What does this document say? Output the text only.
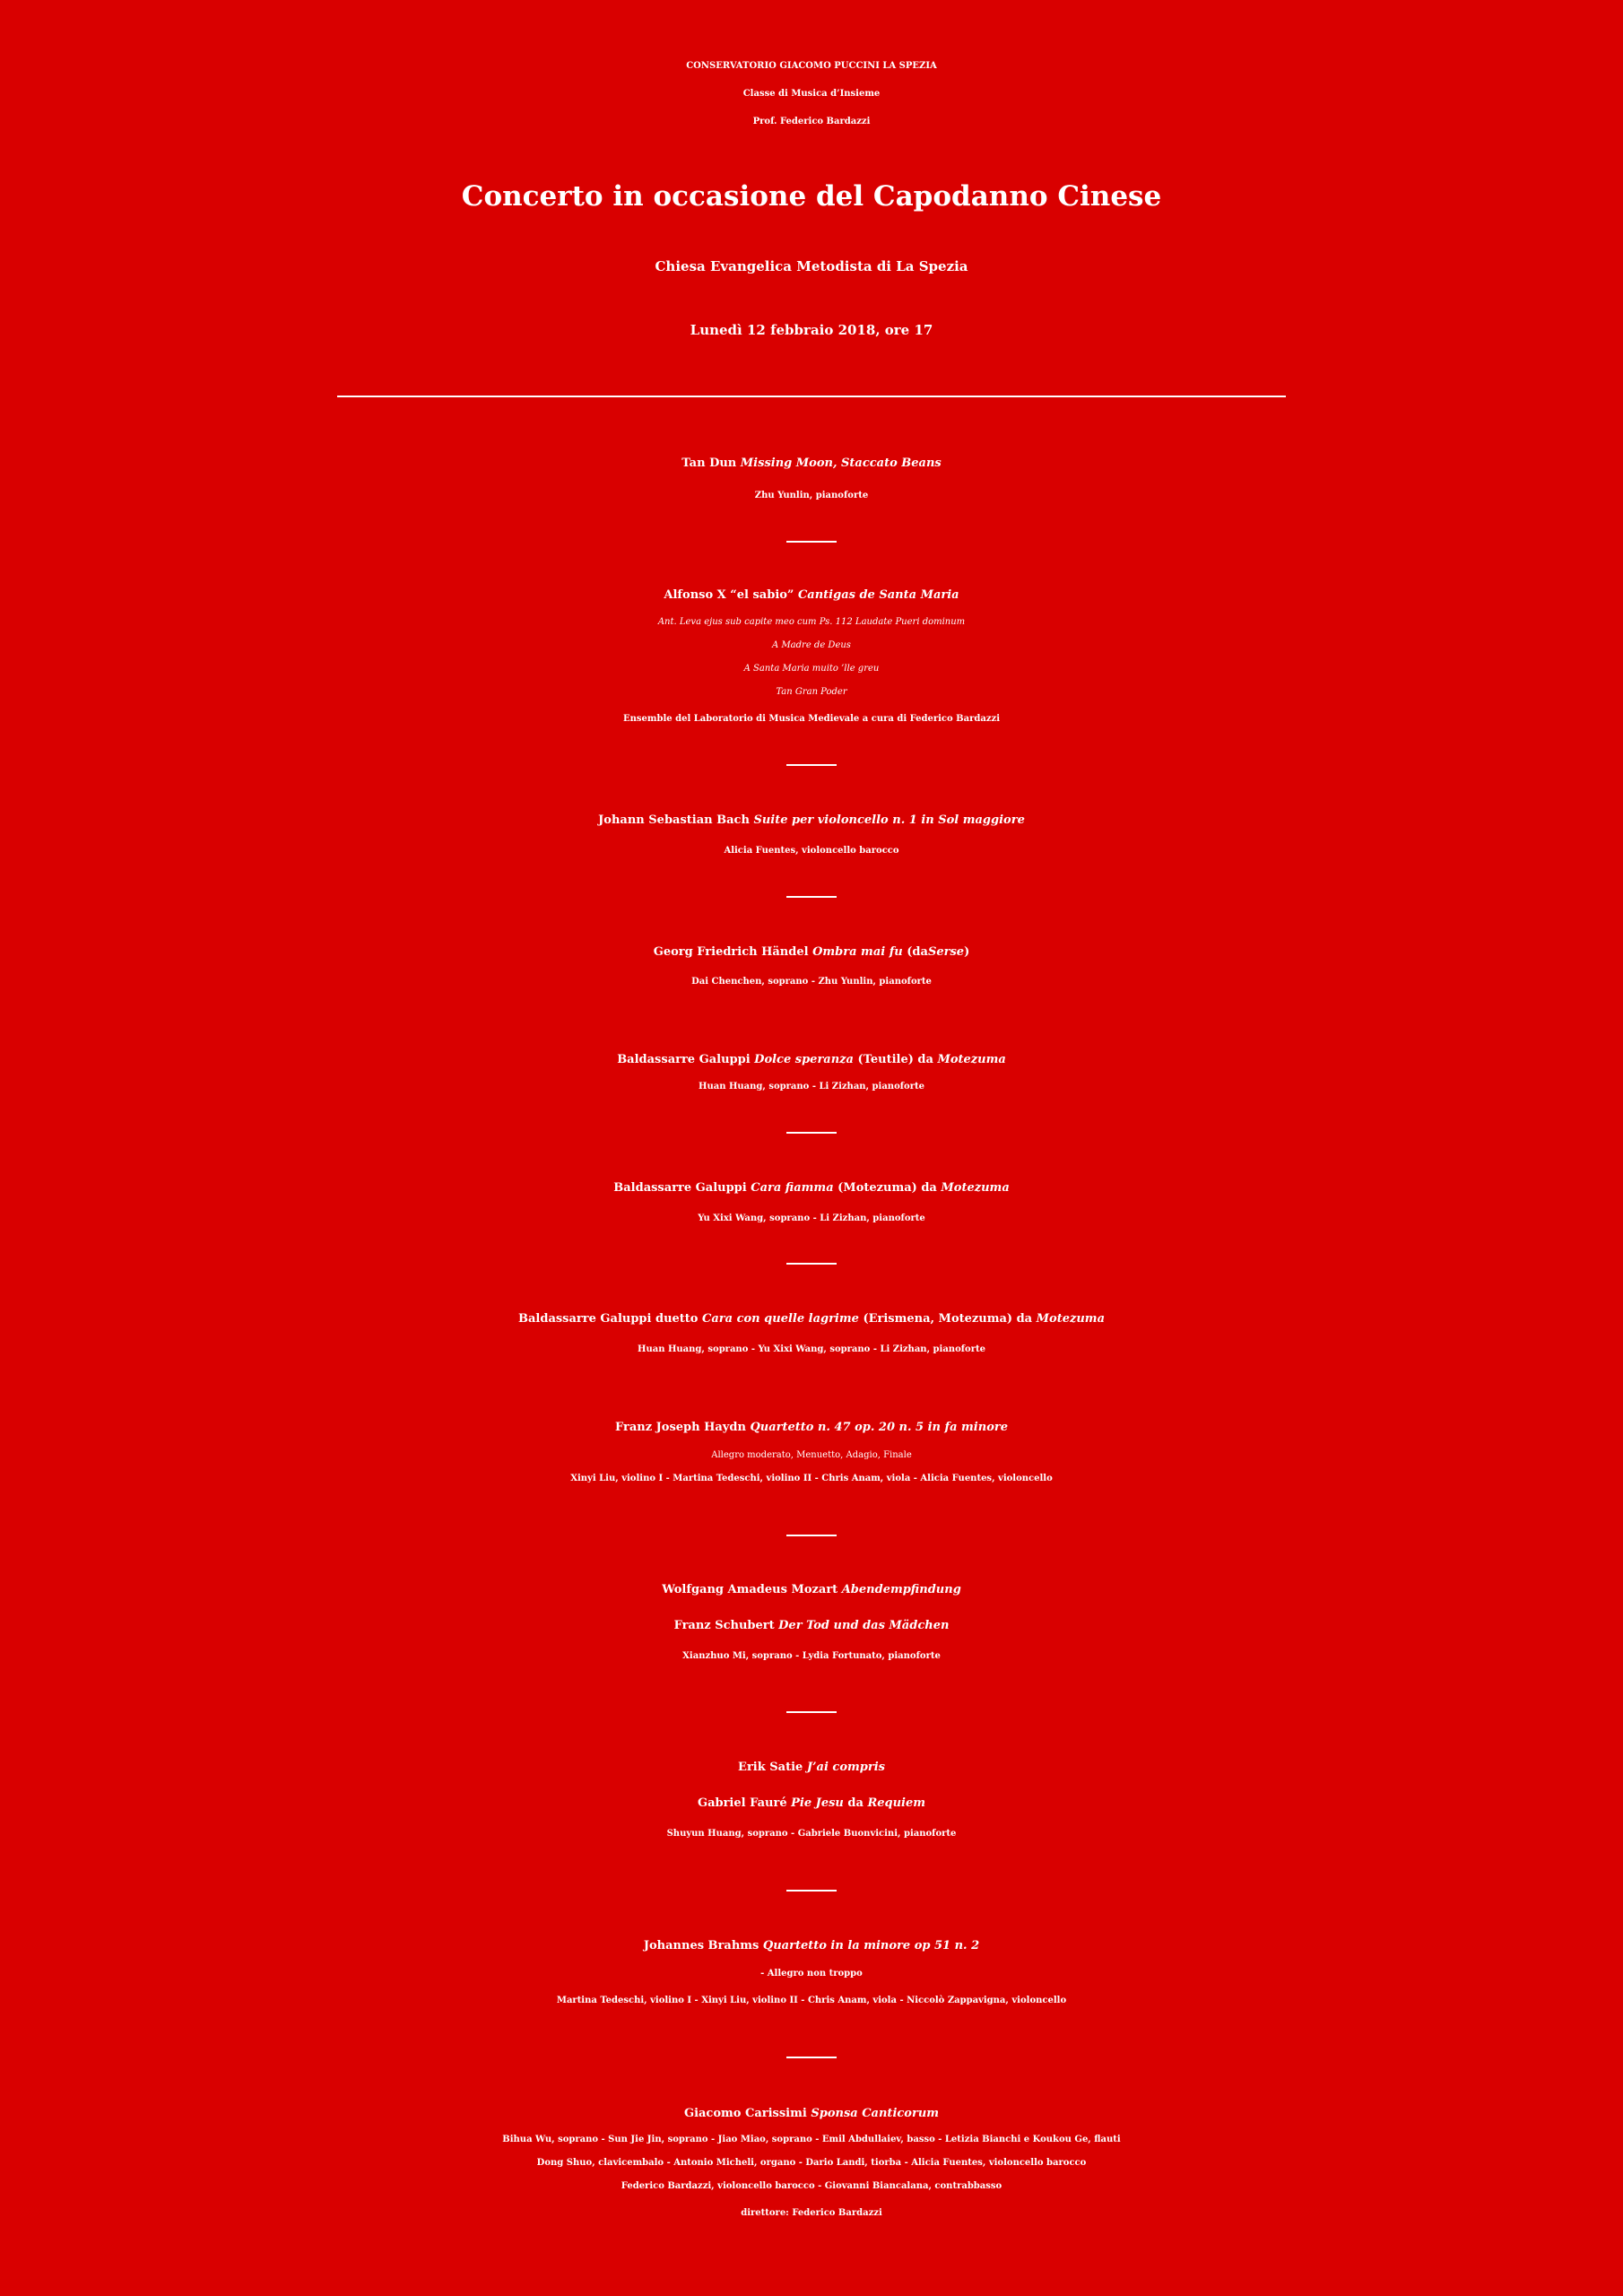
CONSERVATORIO GIACOMO PUCCINI LA SPEZIA
Classe di Musica d’Insieme
Prof. Federico Bardazzi
Concerto in occasione del Capodanno Cinese
Chiesa Evangelica Metodista di La Spezia
Lunedì 12 febbraio 2018, ore 17
Tan Dun Missing Moon, Staccato Beans
Zhu Yunlin, pianoforte
Alfonso X “el sabio” Cantigas de Santa Maria
Ant. Leva ejus sub capite meo cum Ps. 112 Laudate Pueri dominum
A Madre de Deus
A Santa Maria muito ’lle greu
Tan Gran Poder
Ensemble del Laboratorio di Musica Medievale a cura di Federico Bardazzi
Johann Sebastian Bach Suite per violoncello n. 1 in Sol maggiore
Alicia Fuentes, violoncello barocco
Georg Friedrich Händel Ombra mai fu (daSerse)
Dai Chenchen, soprano - Zhu Yunlin, pianoforte
Baldassarre Galuppi Dolce speranza (Teutile) da Motezuma
Huan Huang, soprano - Li Zizhan, pianoforte
Baldassarre Galuppi Cara fiamma (Motezuma) da Motezuma
Yu Xixi Wang, soprano - Li Zizhan, pianoforte
Baldassarre Galuppi duetto Cara con quelle lagrime (Erismena, Motezuma) da Motezuma
Huan Huang, soprano - Yu Xixi Wang, soprano - Li Zizhan, pianoforte
Franz Joseph Haydn Quartetto n. 47 op. 20 n. 5 in fa minore
Allegro moderato, Menuetto, Adagio, Finale
Xinyi Liu, violino I - Martina Tedeschi, violino II - Chris Anam, viola - Alicia Fuentes, violoncello
Wolfgang Amadeus Mozart Abendempfindung
Franz Schubert Der Tod und das Mädchen
Xianzhuo Mi, soprano - Lydia Fortunato, pianoforte
Erik Satie J’ai compris
Gabriel Fauré Pie Jesu da Requiem
Shuyun Huang, soprano - Gabriele Buonvicini, pianoforte
Johannes Brahms Quartetto in la minore op 51 n. 2
- Allegro non troppo
Martina Tedeschi, violino I - Xinyi Liu, violino II - Chris Anam, viola - Niccolò Zappavigna, violoncello
Giacomo Carissimi Sponsa Canticorum
Bihua Wu, soprano - Sun Jie Jin, soprano - Jiao Miao, soprano - Emil Abdullaiev, basso - Letizia Bianchi e Koukou Ge, flauti
Dong Shuo, clavicembalo - Antonio Micheli, organo - Dario Landi, tiorba - Alicia Fuentes, violoncello barocco
Federico Bardazzi, violoncello barocco - Giovanni Biancalana, contrabbasso
direttore: Federico Bardazzi
